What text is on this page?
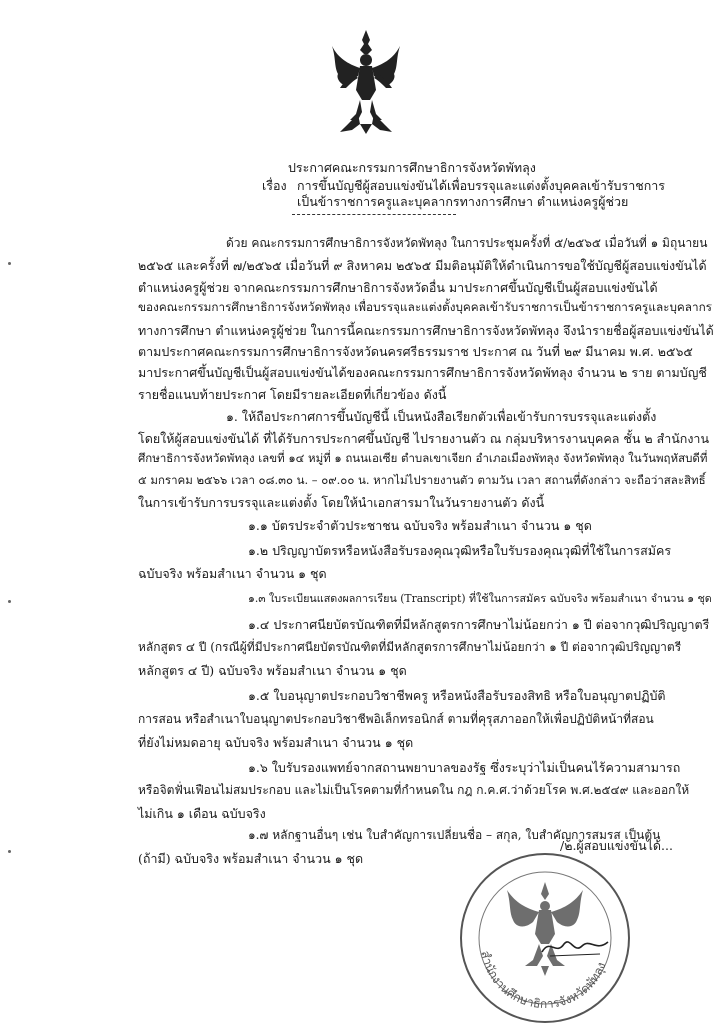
ประกาศคณะกรรมการศึกษาธิการจังหวัดพัทลุง
เรื่อง การขึ้นบัญชีผู้สอบแข่งขันได้เพื่อบรรจุและแต่งตั้งบุคคลเข้ารับราชการ
เป็นข้าราชการครูและบุคลากรทางการศึกษา ตำแหน่งครูผู้ช่วย
ด้วย คณะกรรมการศึกษาธิการจังหวัดพัทลุง ในการประชุมครั้งที่ ๕/๒๕๖๕ เมื่อวันที่ ๑ มิถุนายน
๒๕๖๕ และครั้งที่ ๗/๒๕๖๕ เมื่อวันที่ ๙ สิงหาคม ๒๕๖๕ มีมติอนุมัติให้ดำเนินการขอใช้บัญชีผู้สอบแข่งขันได้
ตำแหน่งครูผู้ช่วย จากคณะกรรมการศึกษาธิการจังหวัดอื่น มาประกาศขึ้นบัญชีเป็นผู้สอบแข่งขันได้
ของคณะกรรมการศึกษาธิการจังหวัดพัทลุง เพื่อบรรจุและแต่งตั้งบุคคลเข้ารับราชการเป็นข้าราชการครูและบุคลากร
ทางการศึกษา ตำแหน่งครูผู้ช่วย ในการนี้คณะกรรมการศึกษาธิการจังหวัดพัทลุง จึงนำรายชื่อผู้สอบแข่งขันได้
ตามประกาศคณะกรรมการศึกษาธิการจังหวัดนครศรีธรรมราช ประกาศ ณ วันที่ ๒๙ มีนาคม พ.ศ. ๒๕๖๕
มาประกาศขึ้นบัญชีเป็นผู้สอบแข่งขันได้ของคณะกรรมการศึกษาธิการจังหวัดพัทลุง จำนวน ๒ ราย ตามบัญชี
รายชื่อแนบท้ายประกาศ โดยมีรายละเอียดที่เกี่ยวข้อง ดังนี้
๑. ให้ถือประกาศการขึ้นบัญชีนี้ เป็นหนังสือเรียกตัวเพื่อเข้ารับการบรรจุและแต่งตั้ง
โดยให้ผู้สอบแข่งขันได้ ที่ได้รับการประกาศขึ้นบัญชี ไปรายงานตัว ณ กลุ่มบริหารงานบุคคล ชั้น ๒ สำนักงาน
ศึกษาธิการจังหวัดพัทลุง เลขที่ ๑๔ หมู่ที่ ๑ ถนนเอเซีย ตำบลเขาเจียก อำเภอเมืองพัทลุง จังหวัดพัทลุง ในวันพฤหัสบดีที่
๕ มกราคม ๒๕๖๖ เวลา ๐๘.๓๐ น. – ๐๙.๐๐ น. หากไม่ไปรายงานตัว ตามวัน เวลา สถานที่ดังกล่าว จะถือว่าสละสิทธิ์
ในการเข้ารับการบรรจุและแต่งตั้ง โดยให้นำเอกสารมาในวันรายงานตัว ดังนี้
๑.๑ บัตรประจำตัวประชาชน ฉบับจริง พร้อมสำเนา จำนวน ๑ ชุด
๑.๒ ปริญญาบัตรหรือหนังสือรับรองคุณวุฒิหรือใบรับรองคุณวุฒิที่ใช้ในการสมัคร
ฉบับจริง พร้อมสำเนา จำนวน ๑ ชุด
๑.๓ ใบระเบียนแสดงผลการเรียน (Transcript) ที่ใช้ในการสมัคร ฉบับจริง พร้อมสำเนา จำนวน ๑ ชุด
๑.๔ ประกาศนียบัตรบัณฑิตที่มีหลักสูตรการศึกษาไม่น้อยกว่า ๑ ปี ต่อจากวุฒิปริญญาตรี
หลักสูตร ๔ ปี (กรณีผู้ที่มีประกาศนียบัตรบัณฑิตที่มีหลักสูตรการศึกษาไม่น้อยกว่า ๑ ปี ต่อจากวุฒิปริญญาตรี
หลักสูตร ๔ ปี) ฉบับจริง พร้อมสำเนา จำนวน ๑ ชุด
๑.๕ ใบอนุญาตประกอบวิชาชีพครู หรือหนังสือรับรองสิทธิ หรือใบอนุญาตปฏิบัติ
การสอน หรือสำเนาใบอนุญาตประกอบวิชาชีพอิเล็กทรอนิกส์ ตามที่คุรุสภาออกให้เพื่อปฏิบัติหน้าที่สอน
ที่ยังไม่หมดอายุ ฉบับจริง พร้อมสำเนา จำนวน ๑ ชุด
๑.๖ ใบรับรองแพทย์จากสถานพยาบาลของรัฐ ซึ่งระบุว่าไม่เป็นคนไร้ความสามารถ
หรือจิตฟั่นเฟือนไม่สมประกอบ และไม่เป็นโรคตามที่กำหนดใน กฎ ก.ค.ศ.ว่าด้วยโรค พ.ศ.๒๕๔๙ และออกให้
ไม่เกิน ๑ เดือน ฉบับจริง
๑.๗ หลักฐานอื่นๆ เช่น ใบสำคัญการเปลี่ยนชื่อ – สกุล, ใบสำคัญการสมรส เป็นต้น
(ถ้ามี) ฉบับจริง พร้อมสำเนา จำนวน ๑ ชุด
/๒.ผู้สอบแข่งขันได้...
สำนักงานศึกษาธิการจังหวัดพัทลุง
